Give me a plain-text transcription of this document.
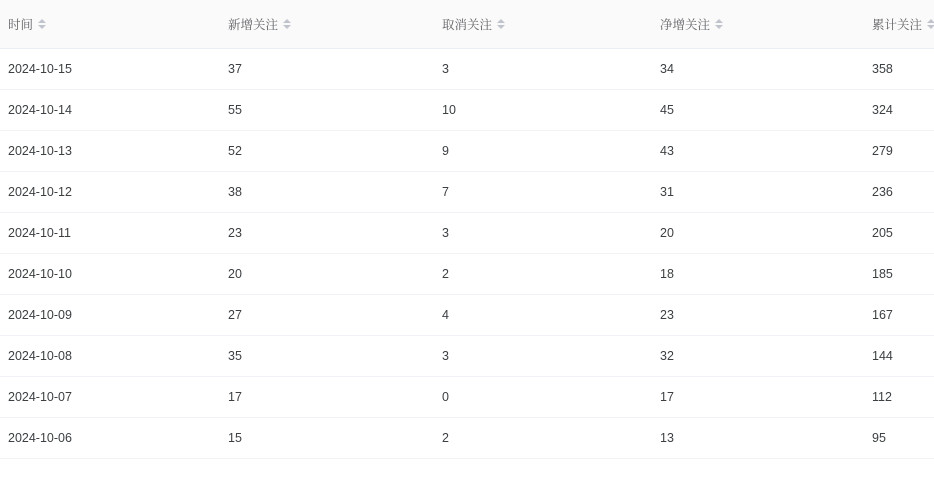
时间	新增关注	取消关注	净增关注	累计关注

2024-10-15	37	3	34	358
2024-10-14	55	10	45	324
2024-10-13	52	9	43	279
2024-10-12	38	7	31	236
2024-10-11	23	3	20	205
2024-10-10	20	2	18	185
2024-10-09	27	4	23	167
2024-10-08	35	3	32	144
2024-10-07	17	0	17	112
2024-10-06	15	2	13	95
